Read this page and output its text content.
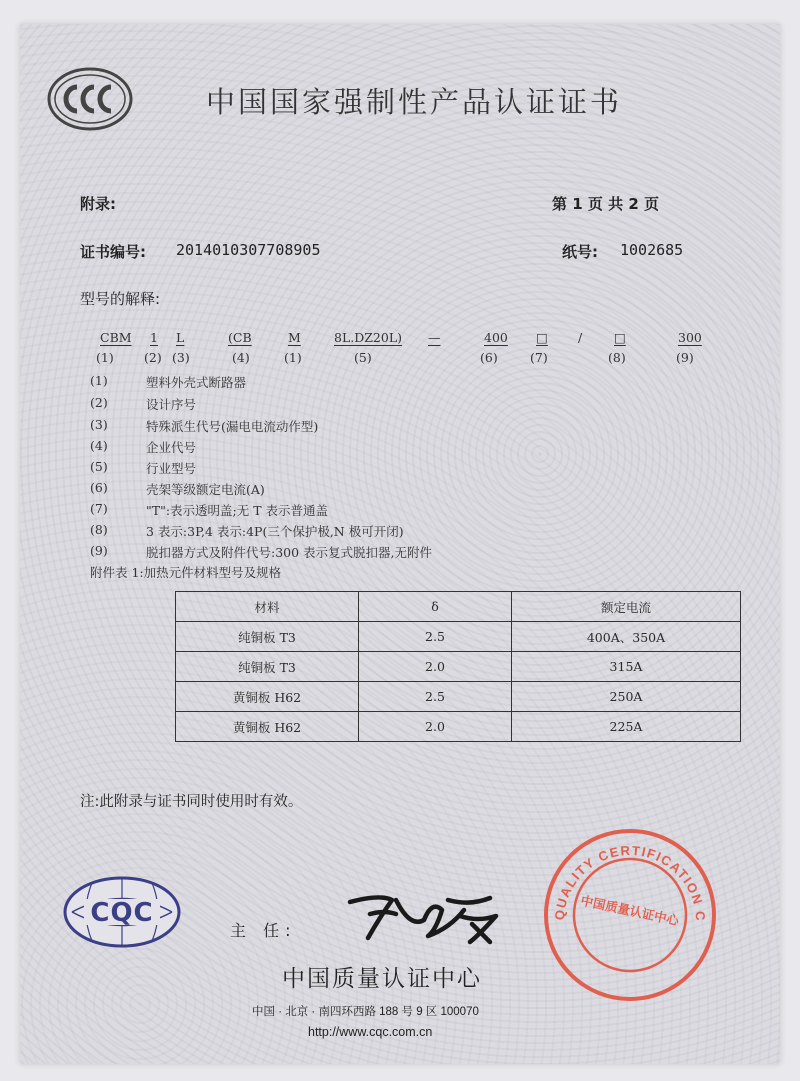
中国国家强制性产品认证证书
附录:	第 1 页 共 2 页
证书编号: 2014010307708905	纸号: 1002685
型号的解释:
CBM 1 L	(CB	M	8L.DZ20L) —	400 □ /	□	300
(1) (2) (3)	(4)	(1)	(5)	(6)	(7)	(8)	(9)
(1)	塑料外壳式断路器
(2)	设计序号
(3)	特殊派生代号(漏电电流动作型)
(4)	企业代号
(5)	行业型号
(6)	壳架等级额定电流(A)
(7)	"T":表示透明盖;无 T 表示普通盖
(8)	3 表示:3P,4 表示:4P(三个保护极,N 极可开闭)
(9)	脱扣器方式及附件代号:300 表示复式脱扣器,无附件
附件表 1:加热元件材料型号及规格
材料	δ	额定电流
纯铜板 T3	2.5	400A、350A
纯铜板 T3	2.0	315A
黄铜板 H62	2.5	250A
黄铜板 H62	2.0	225A
注:此附录与证书同时使用时有效。
CQC
主 任:
中国质量认证中心
中国 · 北京 · 南四环西路 188 号 9 区 100070
http://www.cqc.com.cn
QUALITY CERTIFICATION C
中国质量认证中心
